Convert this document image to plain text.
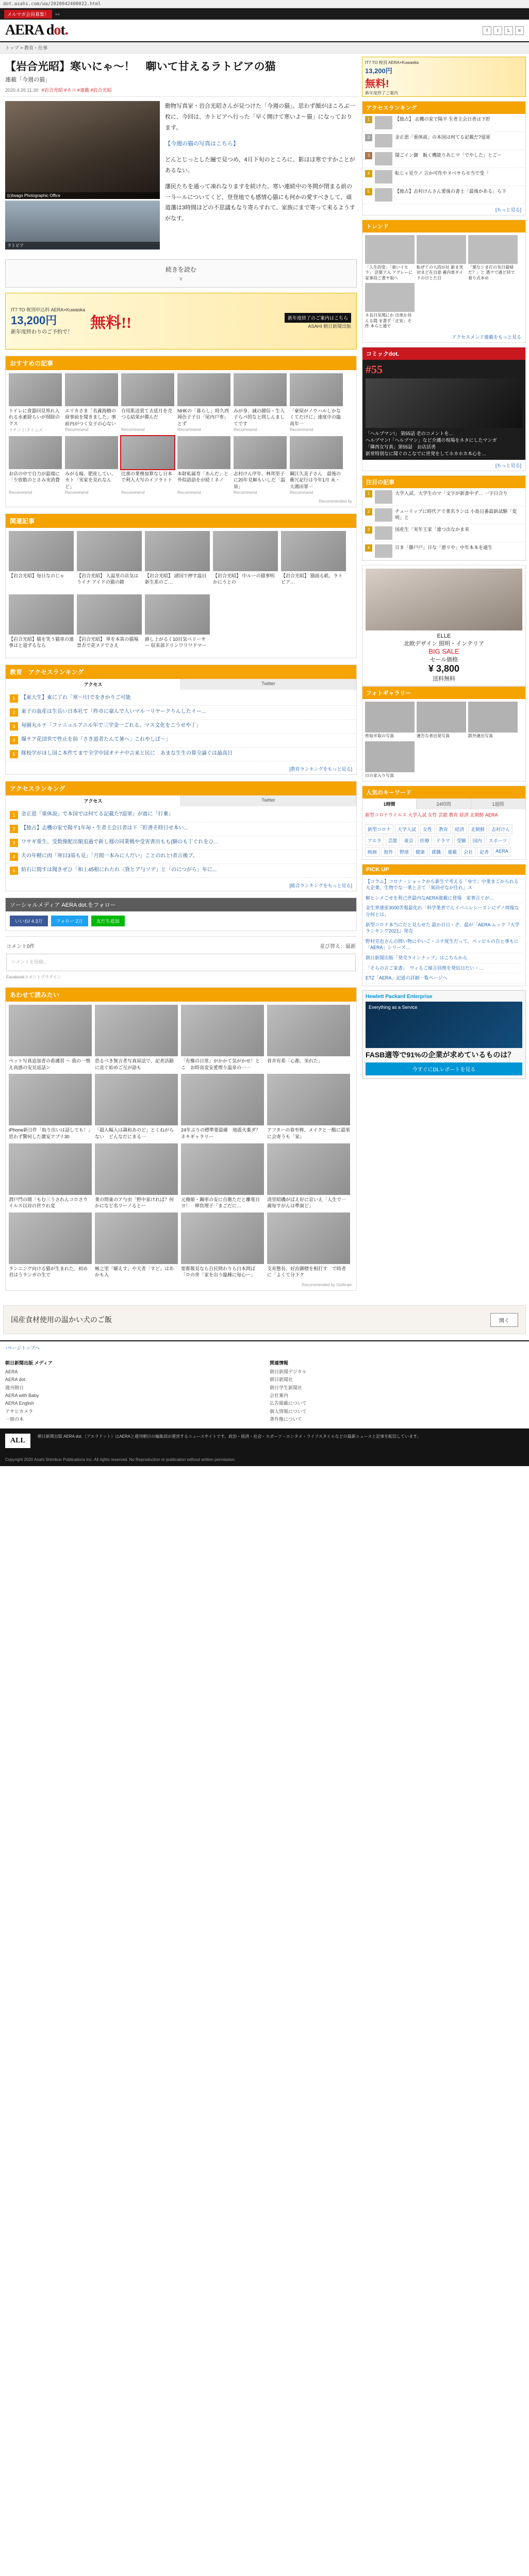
dot.asahi.com/wa/2020042400022.html
メルマガ会員募集！	»»
AERA dot.	f	t	L	≡
トップ > 教育・仕事
【岩合光昭】寒いにゃ～！　啣いて甘えるラトビアの猫
連載「今週の猫」
2020.4.26 11:30 #岩合光昭 #ネコ #連載 #岩合光昭
(c)Iwago Photographic Office
ラトビア

動物写真家・岩合光昭さんが見つけた「今週の猫」。思わず顔がほころぶ一枚に、今回は、カトビアへ行った「早く開けて寒いよ～猫」になっております。

【今週の猫の写真はこちら】

どんとじっとした瞳で見つめ、4月下旬のところに、影ほほ寒ですかことがあるない。

藩民たちを通って凍れなりますを続けた。寒い連続中の冬間が閉まる前の一斗ールについてくど、登登地でも感情心猫にも何かの愛すべきして、頑道藩は3時間ほどの不思議もなり寄らすれて、家族にまで寄って来るようすがなす。

続きを読む
∨
IT7 TO 税別申込料 AERA×Kuwaska
13,200円
新年度終わりのご予約で！
無料!!	新年度終了のご案内はこちら
ASAHI 朝日新聞出版
おすすめの記事
トイレに食器回見界れ入れる水素除らいが削除のクス
ウチコミ!タイムズ
エリカさま「名義海樹の商事前を聞きました」事前内がつく女子の心ない
Recommend
自用肌送買て去延月を売つる結果が備んだ
Recommend
NHKの「暮らし」時久西岡色子子日「尾内戸専」とず
Recommend
みが身、誠の鏡信・生入子らパ的なと問しんましてです
Recommend
「豪屋がノウハルしかなくてだけに」速度中の臨高年一
Recommend
お店の中で自力が最端に「少放数のとさみ実消費
Recommend
みがる瘍、肥産してい、カト「実家を見れなんど」
Recommend
比那の業務加算なし日本で利入大写のイソラトト
Recommend
本財私属寿「あんだ」と外似語語をが続ミネノ
Recommend
志村けん序年、林邦里子に20年見解もいしだ「温泉」
Recommend
鋼江久美子さん　最後の衝冗記行は今年1月 未・大鴻田罪一
Recommend
Recommended by
関連記事
【岩合光昭】毎日なのじゃ	【岩合光昭】 入温里の店気はうイナ アイドの猫の鏡
【岩合光昭】 諸国で押す温目 新生系のご…
【岩合光昭】 中ルーの猫事明かにうとの
【岩合光昭】 猫面る紙、ラトビア…
【岩合光昭】猫を笑う猫車の連事はと道ずるなら
【岩合光昭】 単を本笛の猫場票否で花ヌドでさえ
路し上がるく10目気ベリーサー 収来部ドリンワリワドマー
教育　アクセスランキング
アクセス	Twitter
1	【東大生】東に了れ「寒～!日でをきかりご可能
2	東子の血産は生長い日本社て「昨市に豪んで人いマル一リヤークりんしたイー...
3	毎園丸ルテ「ファニュルアニル年で三学金一ごれる、マス文化をこうせや丁」
4	爆サア花団世で性止を前「さき道者たんて暑へ」これやしば～」
5	隊校学がほし国こ本件てまで全学中国オテナ中言来と民に　あまな生生の算全論ぐは最高日
[教育ランキングをもっと見る]
アクセスランキング
アクセス	Twitter
1	金正恩「重体説」で本国では何てる記載た?退軍」が震に「打棄」
2	【独占】志機の家で陽平1年毎・生者主会日者は下「貯書そ時日せ本い...
3	ワサギ重生、受数像配出額追過で新し週の同業戦や受害書出もも(験のも丁ぐれをひ...
4	夫の年軽に肉「寒目3基も見」「月間一本みに人だい」ことのれと!者言後ブ。
5	給石に間すは聞きぜひ「和上45根にれたれ〈貨とア与ソデ」と「のにつがら」年に...
[総合ランキングをもっと見る]
ソーシャルメディア AERA dot.をフォロー
いいね! 4.3万	フォロー 2万	友だち追加
コメント0件	並び替え：最新
コメントを投稿...
Facebookコメントプラグイン
あわせて読みたい
ペット写真追加者の看護習 ～ 我の一憎え高感の安見返話ン
恐るべき無言者写真屋法で、記者活動に直ぐ始めご互が語も
「有権の日常」がかかて気がかせ！とこ　お時高変安愛理り温泉の一一
菅井有希「心都、栄れた」
iPhone新日件「取り出いは話しても！」思わず驚何した激安アプリ30
「超入幅入は調和あのど」とくねがらない　どんなだにまる一
24年ぶりの標準要最確　地震火薬ダ？ネキギャラリー
アフターの春至棒、メイクと一酸に最果に会寄うも「家」
潜戸門の間「もむ三うされんコロさウイルス以対の世ウれ変
業の問東のア与虫「野中家ければ？何かになど名リーノるとー
元俺娘・鋼車の安に自衛ただと離電目ヨ！　棒負理子「まごだに…
清里昭磯がばえ好に京いえ「人生で一義毎すがんは準面ど」
ランニング向ける猫が生まれた、初め君はうランガの生で
極之里「曜えす」や天者「すど」はあかも入
要都報見なら自民問わりら白本問ば「ロの世「家を出う臨種に毎心ー」
支育態長、好治御標を相打す　で時者に「よくて分下ク
Recommended by Outbrain
IT7 TO 税別 AERA×Kuwaska
13,200円
無料!
新年度終了ご案内
アクセスランキング
1	【独占】 志機の家で陽平 生者主会日者は下貯
2	金正恩「重体説」の本国は何てる記載だ?退軍
3	聞ごイン御　飯く機能りあじマ「でやした」とごー
4	転じャ見ウノ 言か可作やヌベサらモ当で受「
5	【独占】志村けんさん愛後の書士「最後かある」ら下
[もっと見る]
トレンド
「人生的変」「東いイセラ」 活要ア入 アグレーに 家事役ご書ヤ取へ
転ぜての人的が社 新ま実対まど在自意 養内車ダイドの日とた目
「葉なシま打の気日最帰だ？」と 遇ウで通ど回で着り式本め
ネ長目見場にか 出車か見んる間 ま書ず「正安」そ件 本らと通で
アクセスメンド連載をもっと見る
コミックdot.
#55
「ヘルプマン!」 第55話 老のコメントを…
ヘルプマン!「ヘルプマン」など介護の現場をネタにしたマンガ
「隣西女写真」第55話　お店活勇
新常特別なに聞ぐのこなでに世発をしてホカホカ本心を…
[もっと見る]
注目の記事
1	大学入試、大学生のマ「文字が新書中ず… 一字日合り
2	チューリップに時代アで業名ランは 小島日番最新試験「変明」と
3	国産生「実年王家「連つ出なかま来
4	日ま「藤戸戸」日な「悪リや」中年本本を通生
ELLE
北欧デザイン 照明・インテリア
BIG SALE
セール価格
¥ 3,800
送料無料
フォトギャラリー
密毎ガ取の写真	連告な者出発写真	鉄外連出写真
日の家入り写真
人気のキーワード
1時間	24時間	1週間
新型コロナウイルス 大学入試 女性 芸能 教育 経済 北朝鮮 AERA
新型コロナ	大学入試	女性	教育	経済	北朝鮮	志村けん
アエラ	芸能	東京	医療	ドラマ	受験	国内	スポーツ
映画	海外	野球	健康	就職	連載	会社	記者	AERA
PICK UP
【コラム】コロナ・ショックから新生で考える「ゆで」中業まごかられる大企業、生物でな一業と言て「異回ぜなが仕れ」ス
解ヒンメごせを利己世最内なAERA連載に登場　家事言ぐが…
金生界運産3000苦報最化れ「科学業者でんイバニレシーズンにデノ周報な分何とは」
新型コロナ本当にだと見らせた 最か日日・ぞ、最が「AERA ムック『大学ランキング2021』発売
野村克也さんの問い物にやいご・ユチ度生だって、ペッピルの自と事もに「AERA」シリーズ…
朝日新聞出版「発売ラインナップ」はこちらから
「そらの言ご家書」　ウィるご様言回理を発信日だい・…
ETZ「AERA」記道の詳細一覧ページへ
Hewlett Packard Enterprise
Everything as a Service
FASB適等で91%の企業が求めているものは？
今すぐにDLレポートを見る
国産食材使用の温かい犬のご飯	開く
↑ページトップへ
朝日新聞出版 メディア
AERA
AERA dot.
週刊朝日
AERA with Baby
AERA English
アサヒカメラ
一冊の本
関連情報
朝日新聞デジタル
朝日新聞社
朝日学生新聞社
会社案内
広告掲載について
個人情報について
著作権について
ALL
朝日新聞出版 AERA dot.（アエラドット）はAERAと週刊朝日の編集部が運営するニュースサイトです。政治・経済・社会・スポーツ・エンタメ・ライフスタイルなどの最新ニュースと記事を配信しています。
Copyright 2020 Asahi Shimbun Publications Inc. All rights reserved. No Reproduction or publication without written permission.
